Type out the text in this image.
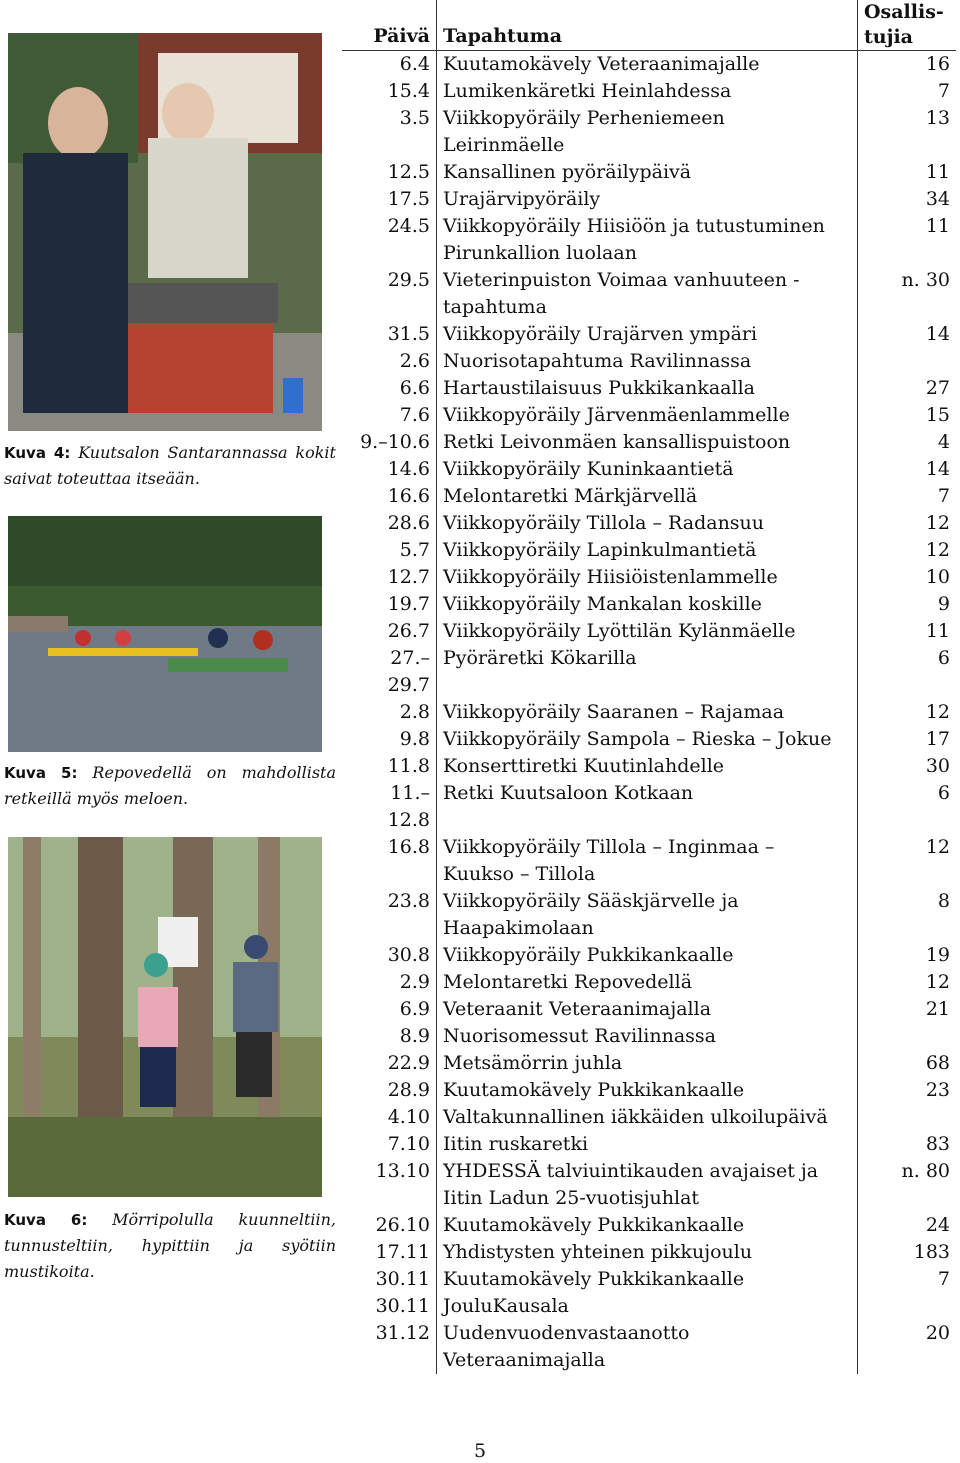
Kuva 4: Kuutsalon Santarannassa kokit saivat toteuttaa itseään.
Kuva 5: Repovedellä on mahdollista retkeillä myös meloen.
Kuva 6: Mörripolulla kuunneltiin, tunnusteltiin, hypittiin ja syötiin mustikoita.
Päivä	Tapahtuma	Osallis-
tujia
6.4	Kuutamokävely Veteraanimajalle	16
15.4	Lumikenkäretki Heinlahdessa	7
3.5	Viikkopyöräily Perheniemeen Leirinmäelle	13
12.5	Kansallinen pyöräilypäivä	11
17.5	Urajärvipyöräily	34
24.5	Viikkopyöräily Hiisiöön ja tutustuminen Pirunkallion luolaan	11
29.5	Vieterinpuiston Voimaa vanhuuteen -tapahtuma	n. 30
31.5	Viikkopyöräily Urajärven ympäri	14
2.6	Nuorisotapahtuma Ravilinnassa	
6.6	Hartaustilaisuus Pukkikankaalla	27
7.6	Viikkopyöräily Järvenmäenlammelle	15
9.–10.6	Retki Leivonmäen kansallispuistoon	4
14.6	Viikkopyöräily Kuninkaantietä	14
16.6	Melontaretki Märkjärvellä	7
28.6	Viikkopyöräily Tillola – Radansuu	12
5.7	Viikkopyöräily Lapinkulmantietä	12
12.7	Viikkopyöräily Hiisiöistenlammelle	10
19.7	Viikkopyöräily Mankalan koskille	9
26.7	Viikkopyöräily Lyöttilän Kylänmäelle	11
27.–29.7	Pyöräretki Kökarilla	6
2.8	Viikkopyöräily Saaranen – Rajamaa	12
9.8	Viikkopyöräily Sampola – Rieska – Jokue	17
11.8	Konserttiretki Kuutinlahdelle	30
11.–12.8	Retki Kuutsaloon Kotkaan	6
16.8	Viikkopyöräily Tillola – Inginmaa – Kuukso – Tillola	12
23.8	Viikkopyöräily Sääskjärvelle ja Haapakimolaan	8
30.8	Viikkopyöräily Pukkikankaalle	19
2.9	Melontaretki Repovedellä	12
6.9	Veteraanit Veteraanimajalla	21
8.9	Nuorisomessut Ravilinnassa	
22.9	Metsämörrin juhla	68
28.9	Kuutamokävely Pukkikankaalle	23
4.10	Valtakunnallinen iäkkäiden ulkoilupäivä	
7.10	Iitin ruskaretki	83
13.10	YHDESSÄ talviuintikauden avajaiset ja Iitin Ladun 25-vuotisjuhlat	n. 80
26.10	Kuutamokävely Pukkikankaalle	24
17.11	Yhdistysten yhteinen pikkujoulu	183
30.11	Kuutamokävely Pukkikankaalle	7
30.11	JouluKausala	
31.12	Uudenvuodenvastaanotto Veteraanimajalla	20
5
